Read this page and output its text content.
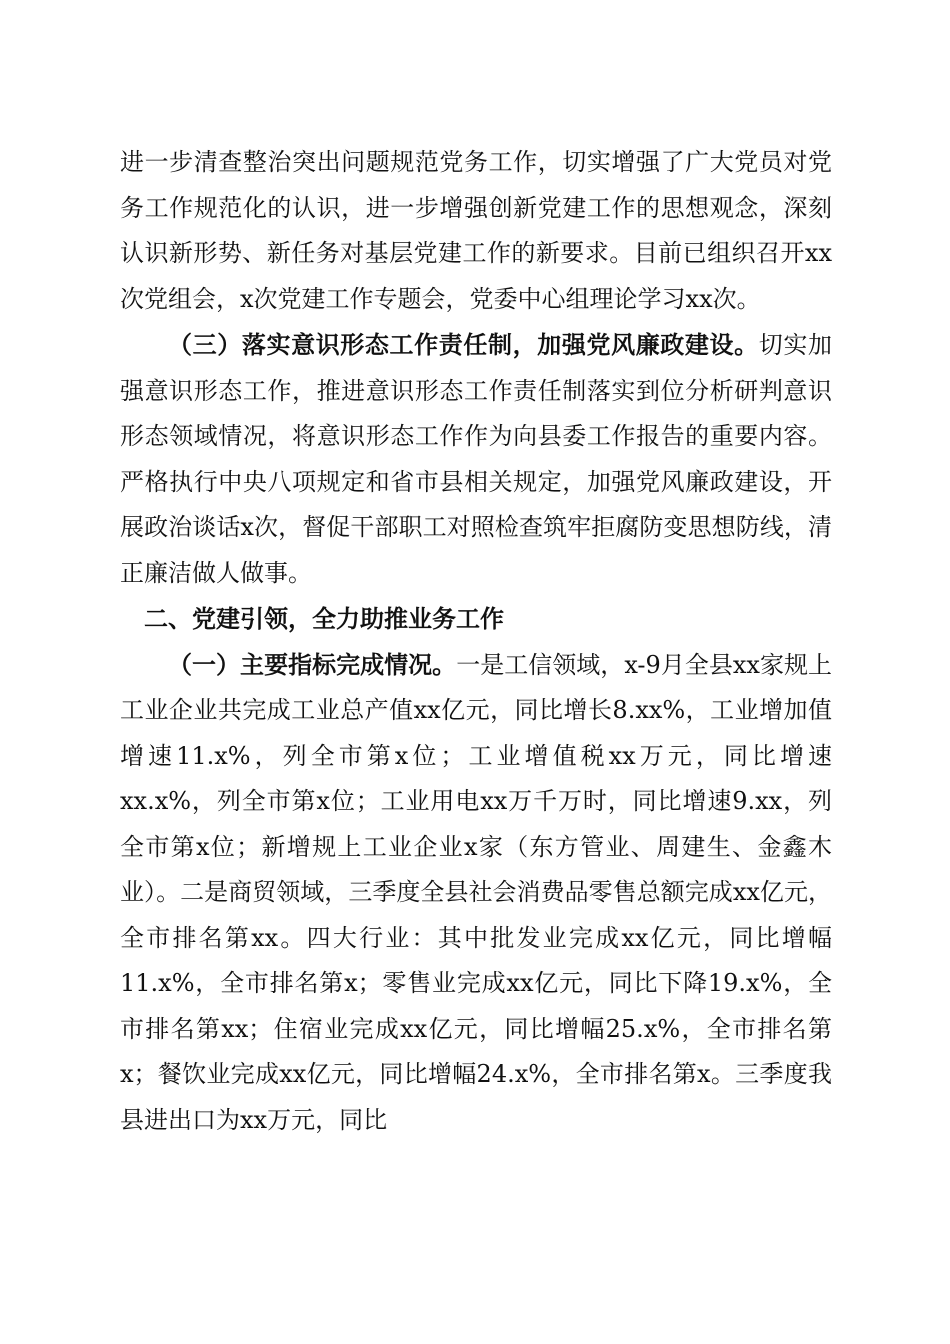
进一步清查整治突出问题规范党务工作，切实增强了广大党员对党务工作规范化的认识，进一步增强创新党建工作的思想观念，深刻认识新形势、新任务对基层党建工作的新要求。目前已组织召开xx次党组会，x次党建工作专题会，党委中心组理论学习xx次。

（三）落实意识形态工作责任制，加强党风廉政建设。切实加强意识形态工作，推进意识形态工作责任制落实到位分析研判意识形态领域情况，将意识形态工作作为向县委工作报告的重要内容。严格执行中央八项规定和省市县相关规定，加强党风廉政建设，开展政治谈话x次，督促干部职工对照检查筑牢拒腐防变思想防线，清正廉洁做人做事。

二、党建引领，全力助推业务工作

（一）主要指标完成情况。一是工信领域，x-9月全县xx家规上工业企业共完成工业总产值xx亿元，同比增长8.xx%，工业增加值增速11.x%，列全市第x位；工业增值税xx万元，同比增速xx.x%，列全市第x位；工业用电xx万千万时，同比增速9.xx，列全市第x位；新增规上工业企业x家（东方管业、周建生、金鑫木业）。二是商贸领域，三季度全县社会消费品零售总额完成xx亿元，全市排名第xx。四大行业：其中批发业完成xx亿元，同比增幅11.x%，全市排名第x；零售业完成xx亿元，同比下降19.x%，全市排名第xx；住宿业完成xx亿元，同比增幅25.x%，全市排名第x；餐饮业完成xx亿元，同比增幅24.x%，全市排名第x。三季度我县进出口为xx万元，同比
